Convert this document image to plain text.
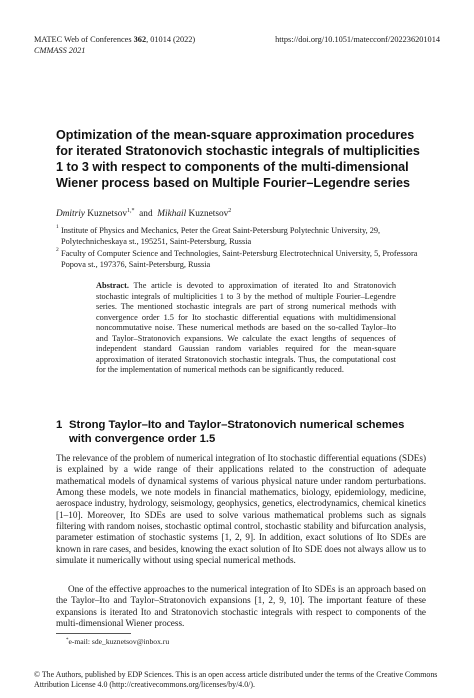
MATEC Web of Conferences 362, 01014 (2022)
CMMASS 2021
https://doi.org/10.1051/matecconf/202236201014
Optimization of the mean-square approximation procedures for iterated Stratonovich stochastic integrals of multiplicities 1 to 3 with respect to components of the multi-dimensional Wiener process based on Multiple Fourier–Legendre series
Dmitriy Kuznetsov$^{1,*}$ and Mikhail Kuznetsov$^2$
1 Institute of Physics and Mechanics, Peter the Great Saint-Petersburg Polytechnic University, 29, Polytechnicheskaya st., 195251, Saint-Petersburg, Russia
2 Faculty of Computer Science and Technologies, Saint-Petersburg Electrotechnical University, 5, Professora Popova st., 197376, Saint-Petersburg, Russia
Abstract. The article is devoted to approximation of iterated Ito and Stratonovich stochastic integrals of multiplicities 1 to 3 by the method of multiple Fourier–Legendre series. The mentioned stochastic integrals are part of strong numerical methods with convergence order 1.5 for Ito stochastic differential equations with multidimensional noncommutative noise. These numerical methods are based on the so-called Taylor–Ito and Taylor–Stratonovich expansions. We calculate the exact lengths of sequences of independent standard Gaussian random variables required for the mean-square approximation of iterated Stratonovich stochastic integrals. Thus, the computational cost for the implementation of numerical methods can be significantly reduced.
1 Strong Taylor–Ito and Taylor–Stratonovich numerical schemes with convergence order 1.5
The relevance of the problem of numerical integration of Ito stochastic differential equations (SDEs) is explained by a wide range of their applications related to the construction of adequate mathematical models of dynamical systems of various physical nature under random perturbations. Among these models, we note models in financial mathematics, biology, epidemiology, medicine, aerospace industry, hydrology, seismology, geophysics, genetics, electrodynamics, chemical kinetics [1–10]. Moreover, Ito SDEs are used to solve various mathematical problems such as signals filtering with random noises, stochastic optimal control, stochastic stability and bifurcation analysis, parameter estimation of stochastic systems [1, 2, 9]. In addition, exact solutions of Ito SDEs are known in rare cases, and besides, knowing the exact solution of Ito SDE does not always allow us to simulate it numerically without using special numerical methods.
One of the effective approaches to the numerical integration of Ito SDEs is an approach based on the Taylor–Ito and Taylor–Stratonovich expansions [1, 2, 9, 10]. The important feature of these expansions is iterated Ito and Stratonovich stochastic integrals with respect to components of the multi-dimensional Wiener process.
*e-mail: sde_kuznetsov@inbox.ru
© The Authors, published by EDP Sciences. This is an open access article distributed under the terms of the Creative Commons Attribution License 4.0 (http://creativecommons.org/licenses/by/4.0/).
